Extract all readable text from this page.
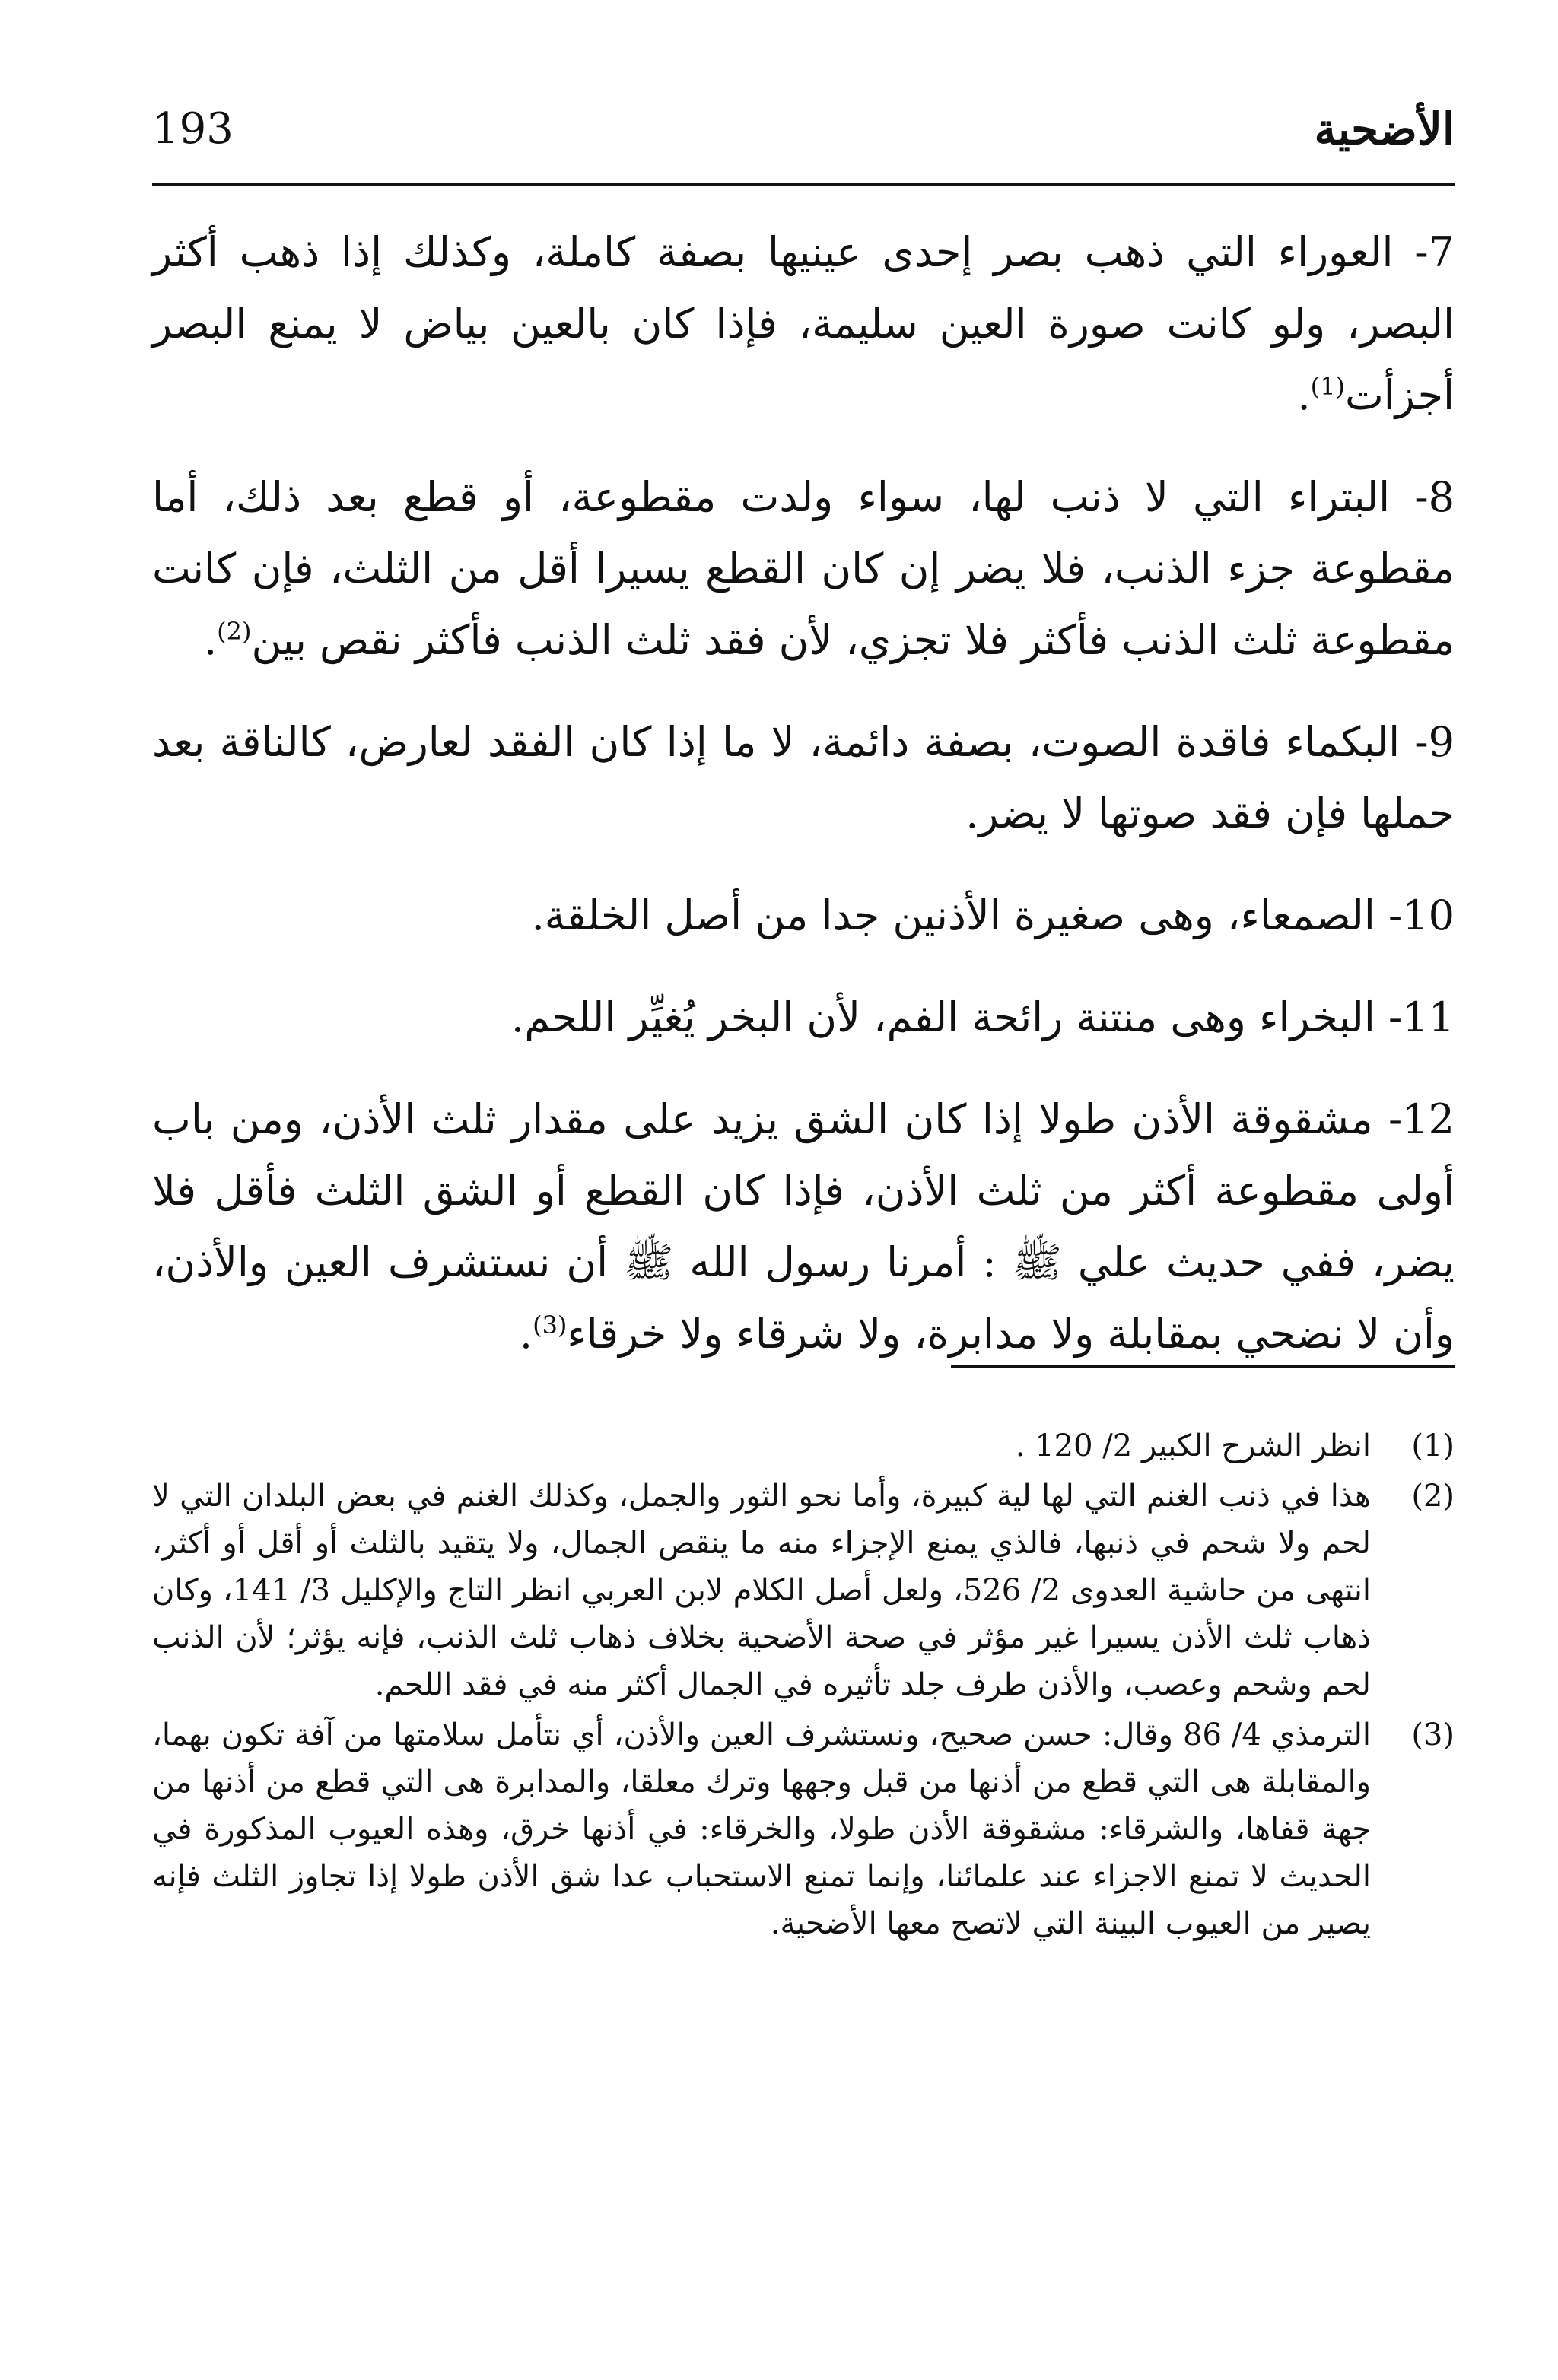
193	الأضحية

7- العوراء التي ذهب بصر إحدى عينيها بصفة كاملة، وكذلك إذا ذهب أكثر البصر، ولو كانت صورة العين سليمة، فإذا كان بالعين بياض لا يمنع البصر أجزأت$^{(1)}$.

8- البتراء التي لا ذنب لها، سواء ولدت مقطوعة، أو قطع بعد ذلك، أما مقطوعة جزء الذنب، فلا يضر إن كان القطع يسيرا أقل من الثلث، فإن كانت مقطوعة ثلث الذنب فأكثر فلا تجزي، لأن فقد ثلث الذنب فأكثر نقص بين$^{(2)}$.

9- البكماء فاقدة الصوت، بصفة دائمة، لا ما إذا كان الفقد لعارض، كالناقة بعد حملها فإن فقد صوتها لا يضر.

10- الصمعاء، وهى صغيرة الأذنين جدا من أصل الخلقة.

11- البخراء وهى منتنة رائحة الفم، لأن البخر يُغيِّر اللحم.

12- مشقوقة الأذن طولا إذا كان الشق يزيد على مقدار ثلث الأذن، ومن باب أولى مقطوعة أكثر من ثلث الأذن، فإذا كان القطع أو الشق الثلث فأقل فلا يضر، ففي حديث علي ﷺ : أمرنا رسول الله ﷺ أن نستشرف العين والأذن، وأن لا نضحي بمقابلة ولا مدابرة، ولا شرقاء ولا خرقاء$^{(3)}$.

(1)
انظر الشرح الكبير 2/ 120 .
(2)
هذا في ذنب الغنم التي لها لية كبيرة، وأما نحو الثور والجمل، وكذلك الغنم في بعض البلدان التي لا لحم ولا شحم في ذنبها، فالذي يمنع الإجزاء منه ما ينقص الجمال، ولا يتقيد بالثلث أو أقل أو أكثر، انتهى من حاشية العدوى 2/ 526، ولعل أصل الكلام لابن العربي انظر التاج والإكليل 3/ 141، وكان ذهاب ثلث الأذن يسيرا غير مؤثر في صحة الأضحية بخلاف ذهاب ثلث الذنب، فإنه يؤثر؛ لأن الذنب لحم وشحم وعصب، والأذن طرف جلد تأثيره في الجمال أكثر منه في فقد اللحم.
(3)
الترمذي 4/ 86 وقال: حسن صحيح، ونستشرف العين والأذن، أي نتأمل سلامتها من آفة تكون بهما، والمقابلة هى التي قطع من أذنها من قبل وجهها وترك معلقا، والمدابرة هى التي قطع من أذنها من جهة قفاها، والشرقاء: مشقوقة الأذن طولا، والخرقاء: في أذنها خرق، وهذه العيوب المذكورة في الحديث لا تمنع الاجزاء عند علمائنا، وإنما تمنع الاستحباب عدا شق الأذن طولا إذا تجاوز الثلث فإنه يصير من العيوب البينة التي لاتصح معها الأضحية.
